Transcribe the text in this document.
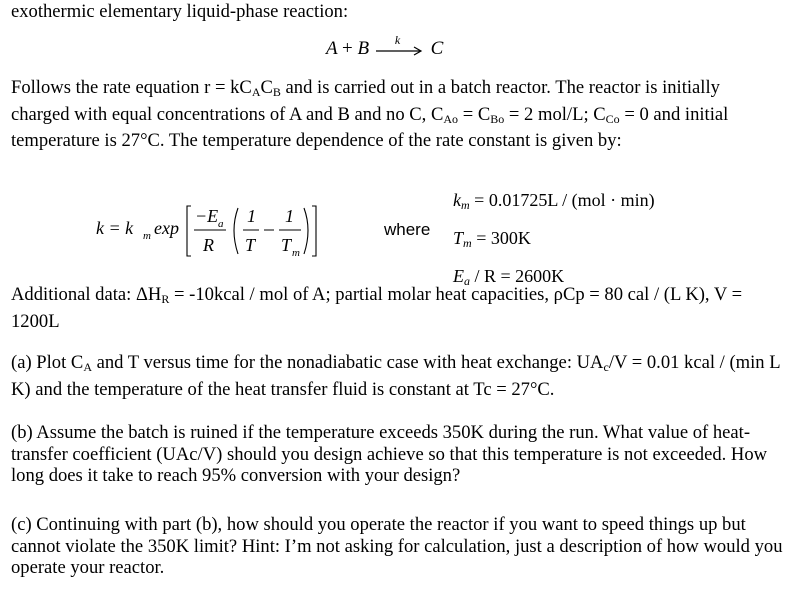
exothermic elementary liquid-phase reaction:
A + B k C
Follows the rate equation $r = kC_AC_B$ and is carried out in a batch reactor. The reactor is initially charged with equal concentrations of A and B and no C, $C_{Ao} = C_{Bo} = 2$ mol/L; $C_{Co} = 0$ and initial temperature is 27°C. The temperature dependence of the rate constant is given by:
k = k m exp
−E a
R
1
T
1
T m
where
km = 0.01725L / (mol · min)
Tm = 300K
Ea / R = 2600K
Additional data: $\Delta H_R$ = -10kcal / mol of A; partial molar heat capacities, ρCp = 80 cal / (L K), V = 1200L
(a) Plot $C_A$ and T versus time for the nonadiabatic case with heat exchange: $UA_c/V = 0.01$ kcal / (min L K) and the temperature of the heat transfer fluid is constant at Tc = 27°C.
(b) Assume the batch is ruined if the temperature exceeds 350K during the run. What value of heat-transfer coefficient (UAc/V) should you design achieve so that this temperature is not exceeded. How long does it take to reach 95% conversion with your design?
(c) Continuing with part (b), how should you operate the reactor if you want to speed things up but cannot violate the 350K limit? Hint: I’m not asking for calculation, just a description of how would you operate your reactor.
